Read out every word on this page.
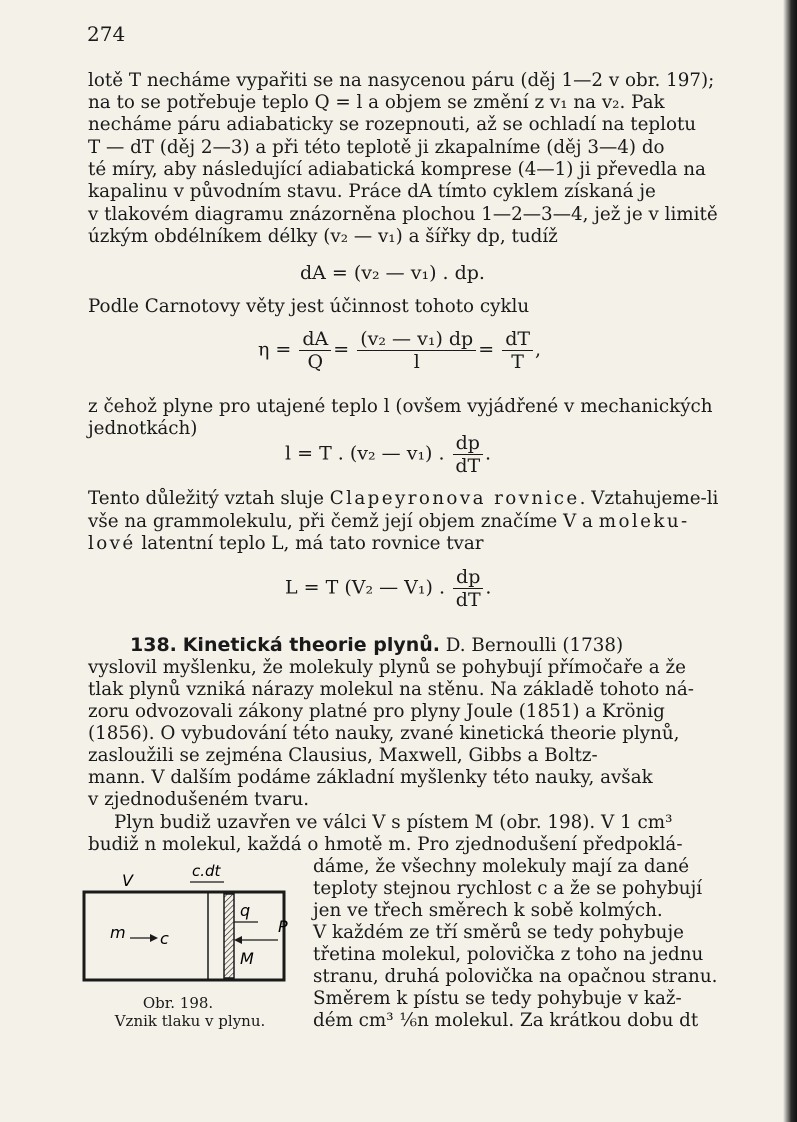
274
lotě T necháme vypařiti se na nasycenou páru (děj 1—2 v obr. 197);
na to se potřebuje teplo Q = l a objem se změní z v₁ na v₂. Pak
necháme páru adiabaticky se rozepnouti, až se ochladí na teplotu
T — dT (děj 2—3) a při této teplotě ji zkapalníme (děj 3—4) do
té míry, aby následující adiabatická komprese (4—1) ji převedla na
kapalinu v původním stavu. Práce dA tímto cyklem získaná je
v tlakovém diagramu znázorněna plochou 1—2—3—4, jež je v limitě
úzkým obdélníkem délky (v₂ — v₁) a šířky dp, tudíž
dA = (v₂ — v₁) . dp.
Podle Carnotovy věty jest účinnost tohoto cyklu
$\eta = \frac{dA}{Q} = \frac{\text{(v₂ — v₁) dp}}{l} = \frac{dT}{T}$ ,
z čehož plyne pro utajené teplo l (ovšem vyjádřené v mechanických
jednotkách)
l = T . (v₂ — v₁) . $\frac{dp}{dT}$ .
Tento důležitý vztah sluje Clapeyronova rovnice. Vztahujeme-li
vše na grammolekulu, při čemž její objem značíme V a moleku-
lové latentní teplo L, má tato rovnice tvar
L = T (V₂ — V₁) . $\frac{dp}{dT}$ .
138. Kinetická theorie plynů. D. Bernoulli (1738)
vyslovil myšlenku, že molekuly plynů se pohybují přímočaře a že
tlak plynů vzniká nárazy molekul na stěnu. Na základě tohoto ná-
zoru odvozovali zákony platné pro plyny Joule (1851) a Krönig
(1856). O vybudování této nauky, zvané kinetická theorie plynů,
zasloužili se zejména Clausius, Maxwell, Gibbs a Boltz-
mann. V dalším podáme základní myšlenky této nauky, avšak
v zjednodušeném tvaru.
Plyn budiž uzavřen ve válci V s pístem M (obr. 198). V 1 cm³
budiž n molekul, každá o hmotě m. Pro zjednodušení předpoklá-
dáme, že všechny molekuly mají za dané
teploty stejnou rychlost c a že se pohybují
jen ve třech směrech k sobě kolmých.
V každém ze tří směrů se tedy pohybuje
třetina molekul, polovička z toho na jednu
stranu, druhá polovička na opačnou stranu.
Směrem k pístu se tedy pohybuje v kaž-
dém cm³ ⅙n molekul. Za krátkou dobu dt
V	c.dt
m c
q
P
M
Obr. 198.
Vznik tlaku v plynu.
